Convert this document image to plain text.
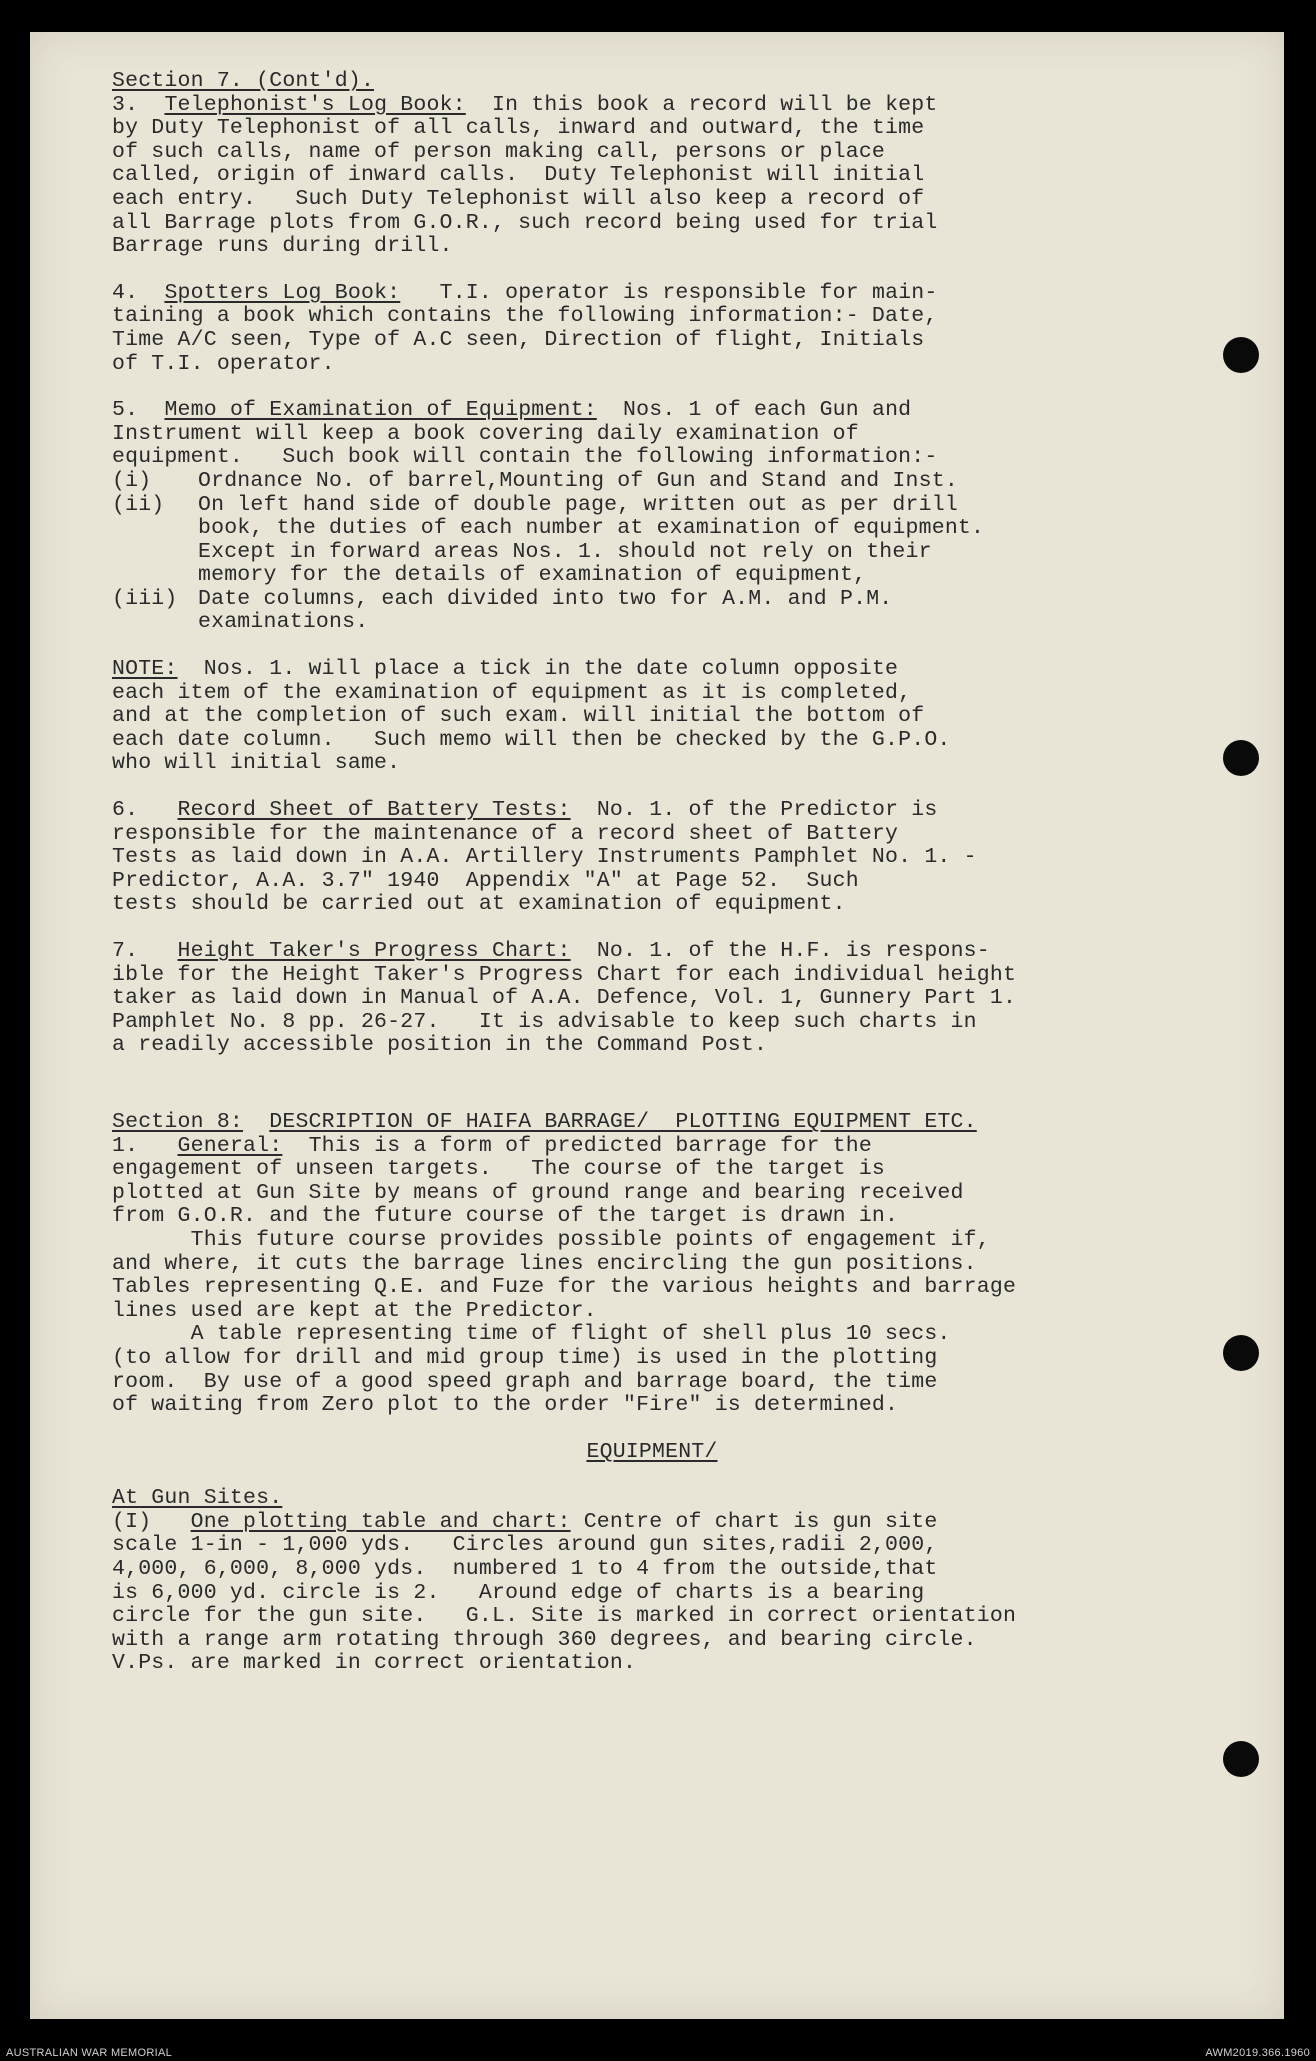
Section 7. (Cont'd).
3. Telephonist's Log Book: In this book a record will be kept
by Duty Telephonist of all calls, inward and outward, the time
of such calls, name of person making call, persons or place
called, origin of inward calls.  Duty Telephonist will initial
each entry.   Such Duty Telephonist will also keep a record of
all Barrage plots from G.O.R., such record being used for trial
Barrage runs during drill.
4. Spotters Log Book: T.I. operator is responsible for main-
taining a book which contains the following information:- Date,
Time A/C seen, Type of A.C seen, Direction of flight, Initials
of T.I. operator.
5. Memo of Examination of Equipment: Nos. 1 of each Gun and
Instrument will keep a book covering daily examination of
equipment.   Such book will contain the following information:-
(i)	Ordnance No. of barrel,Mounting of Gun and Stand and Inst.
(ii)	On left hand side of double page, written out as per drill
book, the duties of each number at examination of equipment.
Except in forward areas Nos. 1. should not rely on their
memory for the details of examination of equipment,
(iii) Date columns, each divided into two for A.M. and P.M.
examinations.
NOTE: Nos. 1. will place a tick in the date column opposite
each item of the examination of equipment as it is completed,
and at the completion of such exam. will initial the bottom of
each date column.   Such memo will then be checked by the G.P.O.
who will initial same.
6. Record Sheet of Battery Tests: No. 1. of the Predictor is
responsible for the maintenance of a record sheet of Battery
Tests as laid down in A.A. Artillery Instruments Pamphlet No. 1. -
Predictor, A.A. 3.7" 1940  Appendix "A" at Page 52.  Such
tests should be carried out at examination of equipment.
7. Height Taker's Progress Chart: No. 1. of the H.F. is respons-
ible for the Height Taker's Progress Chart for each individual height
taker as laid down in Manual of A.A. Defence, Vol. 1, Gunnery Part 1.
Pamphlet No. 8 pp. 26-27.   It is advisable to keep such charts in
a readily accessible position in the Command Post.
Section 8: DESCRIPTION OF HAIFA BARRAGE/  PLOTTING EQUIPMENT ETC.
1. General: This is a form of predicted barrage for the
engagement of unseen targets.   The course of the target is
plotted at Gun Site by means of ground range and bearing received
from G.O.R. and the future course of the target is drawn in.
This future course provides possible points of engagement if,
and where, it cuts the barrage lines encircling the gun positions.
Tables representing Q.E. and Fuze for the various heights and barrage
lines used are kept at the Predictor.
A table representing time of flight of shell plus 10 secs.
(to allow for drill and mid group time) is used in the plotting
room.  By use of a good speed graph and barrage board, the time
of waiting from Zero plot to the order "Fire" is determined.
EQUIPMENT/
At Gun Sites.
(I) One plotting table and chart: Centre of chart is gun site
scale 1-in - 1,000 yds.   Circles around gun sites,radii 2,000,
4,000, 6,000, 8,000 yds.  numbered 1 to 4 from the outside,that
is 6,000 yd. circle is 2.   Around edge of charts is a bearing
circle for the gun site.   G.L. Site is marked in correct orientation
with a range arm rotating through 360 degrees, and bearing circle.
V.Ps. are marked in correct orientation.
AUSTRALIAN WAR MEMORIAL	AWM2019.366.1960
